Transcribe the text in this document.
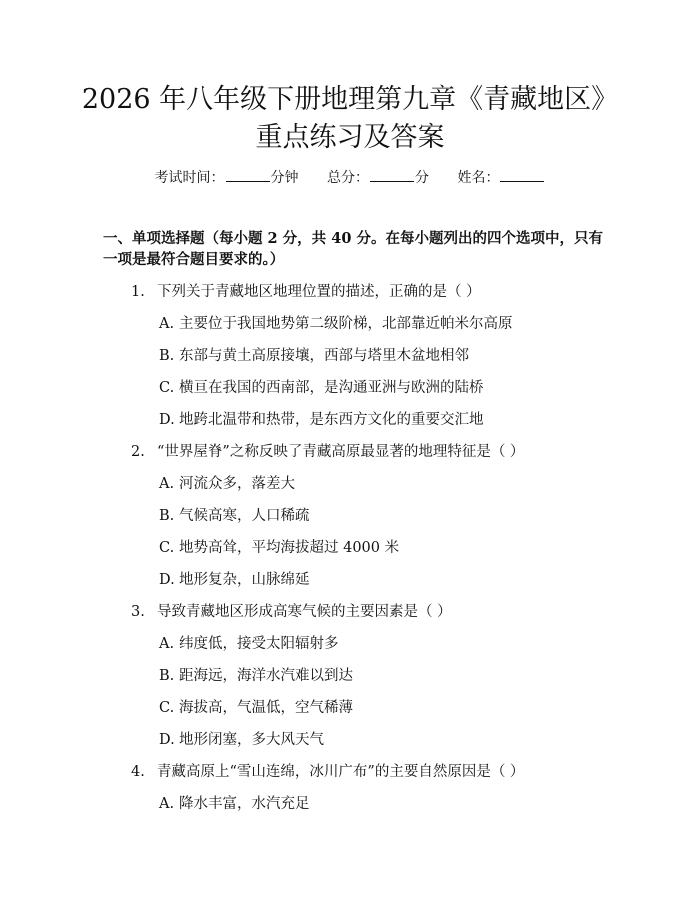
2026 年八年级下册地理第九章《青藏地区》
重点练习及答案
考试时间：	分钟 总分：	分 姓名：
一、单项选择题（每小题 2 分，共 40 分。在每小题列出的四个选项中，只有一项是最符合题目要求的。）
1. 下列关于青藏地区地理位置的描述，正确的是（ ）
A. 主要位于我国地势第二级阶梯，北部靠近帕米尔高原
B. 东部与黄土高原接壤，西部与塔里木盆地相邻
C. 横亘在我国的西南部，是沟通亚洲与欧洲的陆桥
D. 地跨北温带和热带，是东西方文化的重要交汇地
2. “世界屋脊”之称反映了青藏高原最显著的地理特征是（ ）
A. 河流众多，落差大
B. 气候高寒，人口稀疏
C. 地势高耸，平均海拔超过 4000 米
D. 地形复杂，山脉绵延
3. 导致青藏地区形成高寒气候的主要因素是（ ）
A. 纬度低，接受太阳辐射多
B. 距海远，海洋水汽难以到达
C. 海拔高，气温低，空气稀薄
D. 地形闭塞，多大风天气
4. 青藏高原上“雪山连绵，冰川广布”的主要自然原因是（ ）
A. 降水丰富，水汽充足
